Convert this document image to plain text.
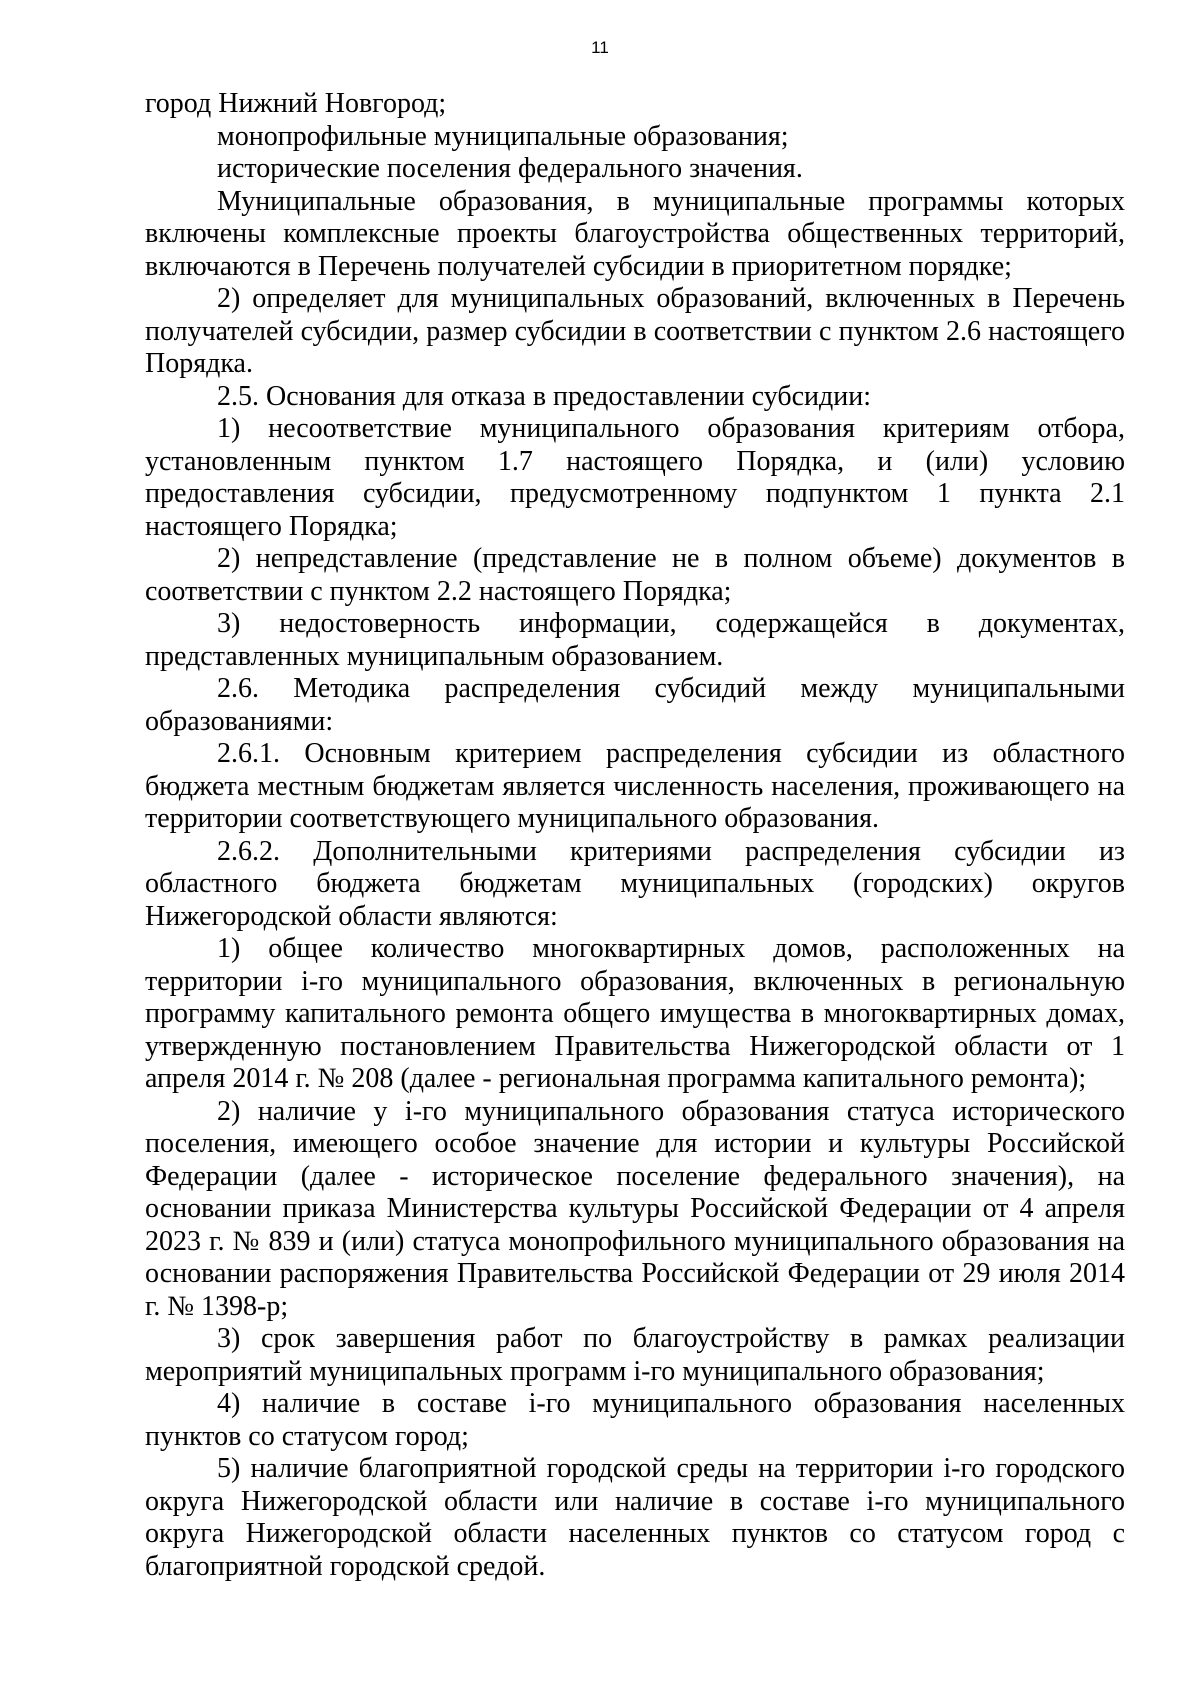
11

город Нижний Новгород;

монопрофильные муниципальные образования;

исторические поселения федерального значения.

Муниципальные образования, в муниципальные программы которых включены комплексные проекты благоустройства общественных территорий, включаются в Перечень получателей субсидии в приоритетном порядке;

2) определяет для муниципальных образований, включенных в Перечень получателей субсидии, размер субсидии в соответствии с пунктом 2.6 настоящего Порядка.

2.5. Основания для отказа в предоставлении субсидии:

1) несоответствие муниципального образования критериям отбора, установленным пунктом 1.7 настоящего Порядка, и (или) условию предоставления субсидии, предусмотренному подпунктом 1 пункта 2.1 настоящего Порядка;

2) непредставление (представление не в полном объеме) документов в соответствии с пунктом 2.2 настоящего Порядка;

3) недостоверность информации, содержащейся в документах, представленных муниципальным образованием.

2.6. Методика распределения субсидий между муниципальными образованиями:

2.6.1. Основным критерием распределения субсидии из областного бюджета местным бюджетам является численность населения, проживающего на территории соответствующего муниципального образования.

2.6.2. Дополнительными критериями распределения субсидии из областного бюджета бюджетам муниципальных (городских) округов Нижегородской области являются:

1) общее количество многоквартирных домов, расположенных на территории i-го муниципального образования, включенных в региональную программу капитального ремонта общего имущества в многоквартирных домах, утвержденную постановлением Правительства Нижегородской области от 1 апреля 2014 г. № 208 (далее - региональная программа капитального ремонта);

2) наличие у i-го муниципального образования статуса исторического поселения, имеющего особое значение для истории и культуры Российской Федерации (далее - историческое поселение федерального значения), на основании приказа Министерства культуры Российской Федерации от 4 апреля 2023 г. № 839 и (или) статуса монопрофильного муниципального образования на основании распоряжения Правительства Российской Федерации от 29 июля 2014 г. № 1398-р;

3) срок завершения работ по благоустройству в рамках реализации мероприятий муниципальных программ i-го муниципального образования;

4) наличие в составе i-го муниципального образования населенных пунктов со статусом город;

5) наличие благоприятной городской среды на территории i-го городского округа Нижегородской области или наличие в составе i-го муниципального округа Нижегородской области населенных пунктов со статусом город с благоприятной городской средой.
